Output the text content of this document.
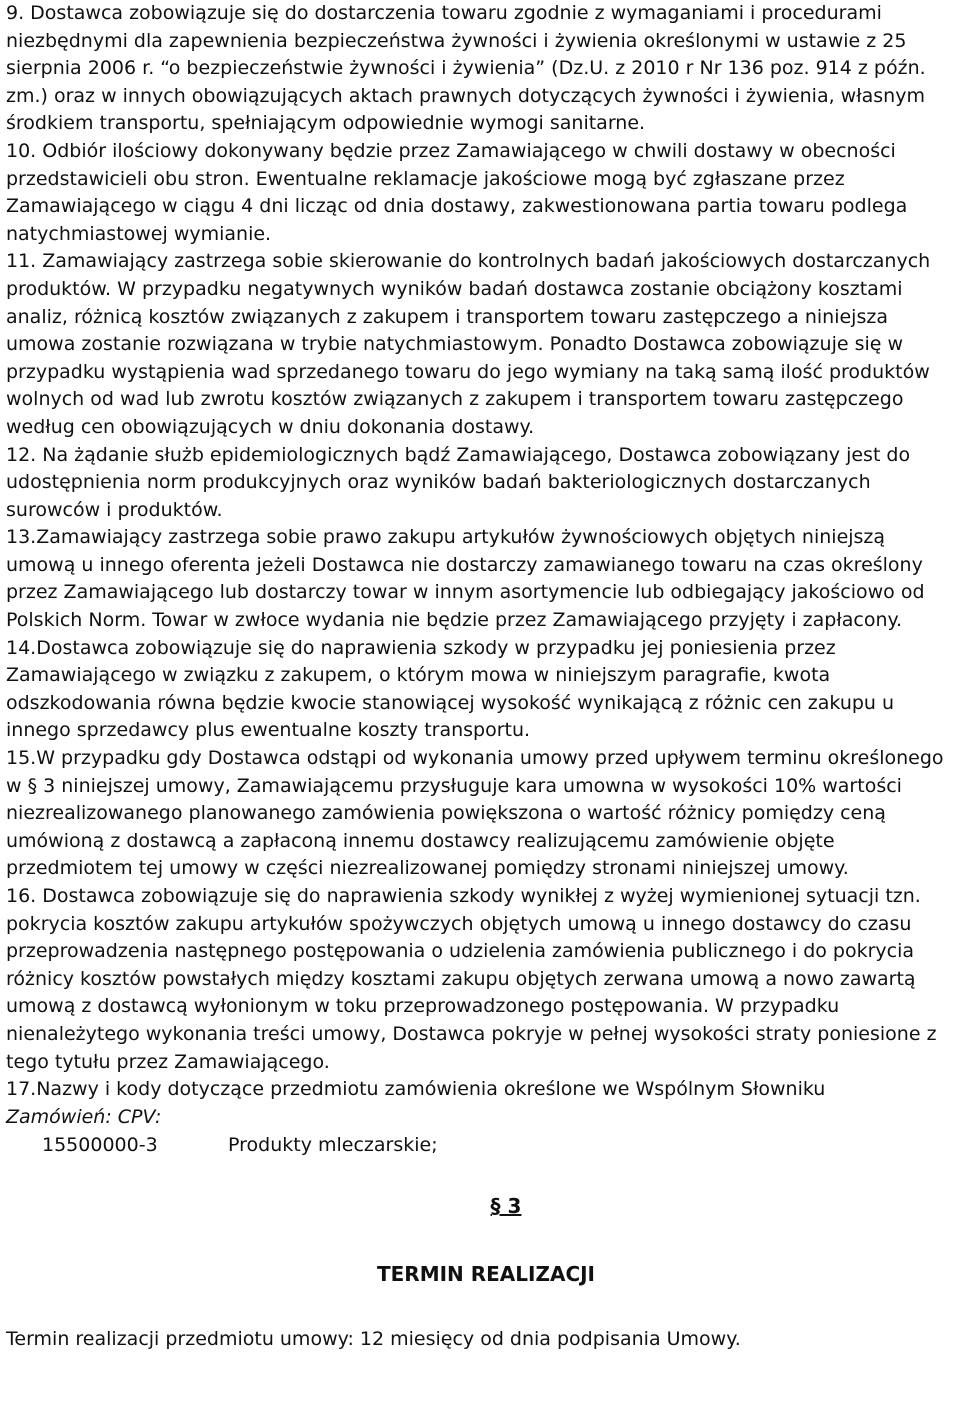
9. Dostawca zobowiązuje się do dostarczenia towaru zgodnie z wymaganiami i procedurami niezbędnymi dla zapewnienia bezpieczeństwa żywności i żywienia określonymi w ustawie z 25 sierpnia 2006 r. “o bezpieczeństwie żywności i żywienia” (Dz.U. z 2010 r Nr 136 poz. 914 z późn. zm.) oraz w innych obowiązujących aktach prawnych dotyczących żywności i żywienia, własnym środkiem transportu, spełniającym odpowiednie wymogi sanitarne.

10. Odbiór ilościowy dokonywany będzie przez Zamawiającego w chwili dostawy w obecności przedstawicieli obu stron. Ewentualne reklamacje jakościowe mogą być zgłaszane przez Zamawiającego w ciągu 4 dni licząc od dnia dostawy, zakwestionowana partia towaru podlega natychmiastowej wymianie.

11. Zamawiający zastrzega sobie skierowanie do kontrolnych badań jakościowych dostarczanych produktów. W przypadku negatywnych wyników badań dostawca zostanie obciążony kosztami analiz, różnicą kosztów związanych z zakupem i transportem towaru zastępczego a niniejsza umowa zostanie rozwiązana w trybie natychmiastowym. Ponadto Dostawca zobowiązuje się w przypadku wystąpienia wad sprzedanego towaru do jego wymiany na taką samą ilość produktów wolnych od wad lub zwrotu kosztów związanych z zakupem i transportem towaru zastępczego według cen obowiązujących w dniu dokonania dostawy.

12. Na żądanie służb epidemiologicznych bądź Zamawiającego, Dostawca zobowiązany jest do udostępnienia norm produkcyjnych oraz wyników badań bakteriologicznych dostarczanych surowców i produktów.

13.Zamawiający zastrzega sobie prawo zakupu artykułów żywnościowych objętych niniejszą umową u innego oferenta jeżeli Dostawca nie dostarczy zamawianego towaru na czas określony przez Zamawiającego lub dostarczy towar w innym asortymencie lub odbiegający jakościowo od Polskich Norm. Towar w zwłoce wydania nie będzie przez Zamawiającego przyjęty i zapłacony.

14.Dostawca zobowiązuje się do naprawienia szkody w przypadku jej poniesienia przez Zamawiającego w związku z zakupem, o którym mowa w niniejszym paragrafie, kwota odszkodowania równa będzie kwocie stanowiącej wysokość wynikającą z różnic cen zakupu u innego sprzedawcy plus ewentualne koszty transportu.

15.W przypadku gdy Dostawca odstąpi od wykonania umowy przed upływem terminu określonego w § 3 niniejszej umowy, Zamawiającemu przysługuje kara umowna w wysokości 10% wartości niezrealizowanego planowanego zamówienia powiększona o wartość różnicy pomiędzy ceną umówioną z dostawcą a zapłaconą innemu dostawcy realizującemu zamówienie objęte przedmiotem tej umowy w części niezrealizowanej pomiędzy stronami niniejszej umowy.

16. Dostawca zobowiązuje się do naprawienia szkody wynikłej z wyżej wymienionej sytuacji tzn. pokrycia kosztów zakupu artykułów spożywczych objętych umową u innego dostawcy do czasu przeprowadzenia następnego postępowania o udzielenia zamówienia publicznego i do pokrycia różnicy kosztów powstałych między kosztami zakupu objętych zerwana umową a nowo zawartą umową z dostawcą wyłonionym w toku przeprowadzonego postępowania. W przypadku nienależytego wykonania treści umowy, Dostawca pokryje w pełnej wysokości straty poniesione z tego tytułu przez Zamawiającego.

17.Nazwy i kody dotyczące przedmiotu zamówienia określone we Wspólnym Słowniku

Zamówień: CPV:

15500000-3	Produkty mleczarskie;
§ 3
TERMIN REALIZACJI

Termin realizacji przedmiotu umowy: 12 miesięcy od dnia podpisania Umowy.
